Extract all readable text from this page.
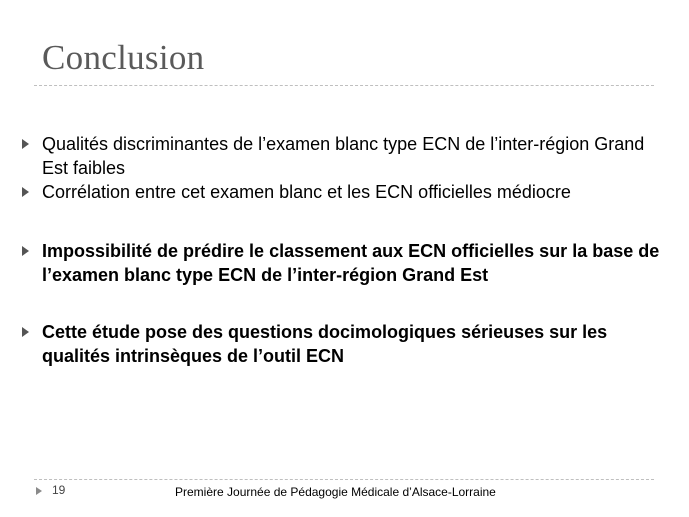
Conclusion
Qualités discriminantes de l’examen blanc type ECN de l’inter-région Grand Est faibles
Corrélation entre cet examen blanc et les ECN officielles médiocre
Impossibilité de prédire le classement aux ECN officielles sur la base de l’examen blanc type ECN de l’inter-région Grand Est
Cette étude pose des questions docimologiques sérieuses sur les qualités intrinsèques de l’outil ECN
19	Première Journée de Pédagogie Médicale d’Alsace-Lorraine
